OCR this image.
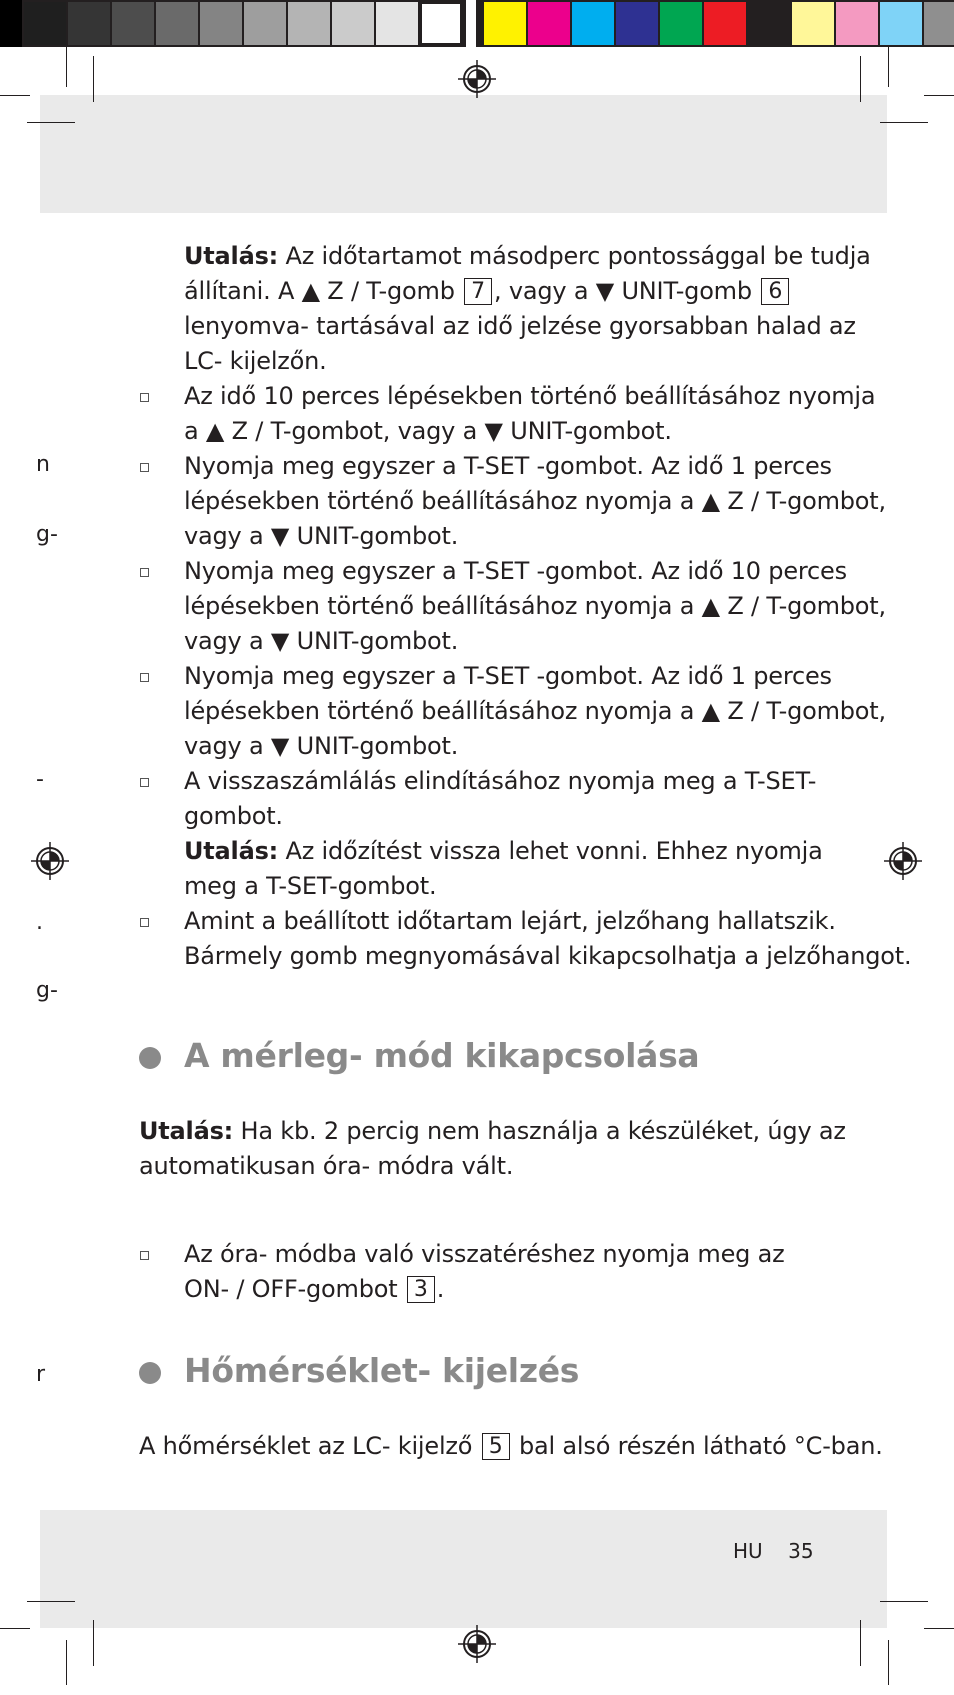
n
g-
-
.
g-
r
Utalás: Az időtartamot másodperc pontossággal be tudja
állítani. A ▲ Z / T-gomb 7 , vagy a ▼ UNIT-gomb 6
lenyomva- tartásával az idő jelzése gyorsabban halad az
LC- kijelzőn.
Az idő 10 perces lépésekben történő beállításához nyomja
a ▲ Z / T-gombot, vagy a ▼ UNIT-gombot.
Nyomja meg egyszer a T-SET -gombot. Az idő 1 perces
lépésekben történő beállításához nyomja a ▲ Z / T-gombot,
vagy a ▼ UNIT-gombot.
Nyomja meg egyszer a T-SET -gombot. Az idő 10 perces
lépésekben történő beállításához nyomja a ▲ Z / T-gombot,
vagy a ▼ UNIT-gombot.
Nyomja meg egyszer a T-SET -gombot. Az idő 1 perces
lépésekben történő beállításához nyomja a ▲ Z / T-gombot,
vagy a ▼ UNIT-gombot.
A visszaszámlálás elindításához nyomja meg a T-SET-
gombot.
Utalás: Az időzítést vissza lehet vonni. Ehhez nyomja
meg a T-SET-gombot.
Amint a beállított időtartam lejárt, jelzőhang hallatszik.
Bármely gomb megnyomásával kikapcsolhatja a jelzőhangot.
A mérleg- mód kikapcsolása
Utalás: Ha kb. 2 percig nem használja a készüléket, úgy az
automatikusan óra- módra vált.
Az óra- módba való visszatéréshez nyomja meg az
ON- / OFF-gombot 3 .
Hőmérséklet- kijelzés
A hőmérséklet az LC- kijelző 5 bal alsó részén látható °C-ban.
HU 35
